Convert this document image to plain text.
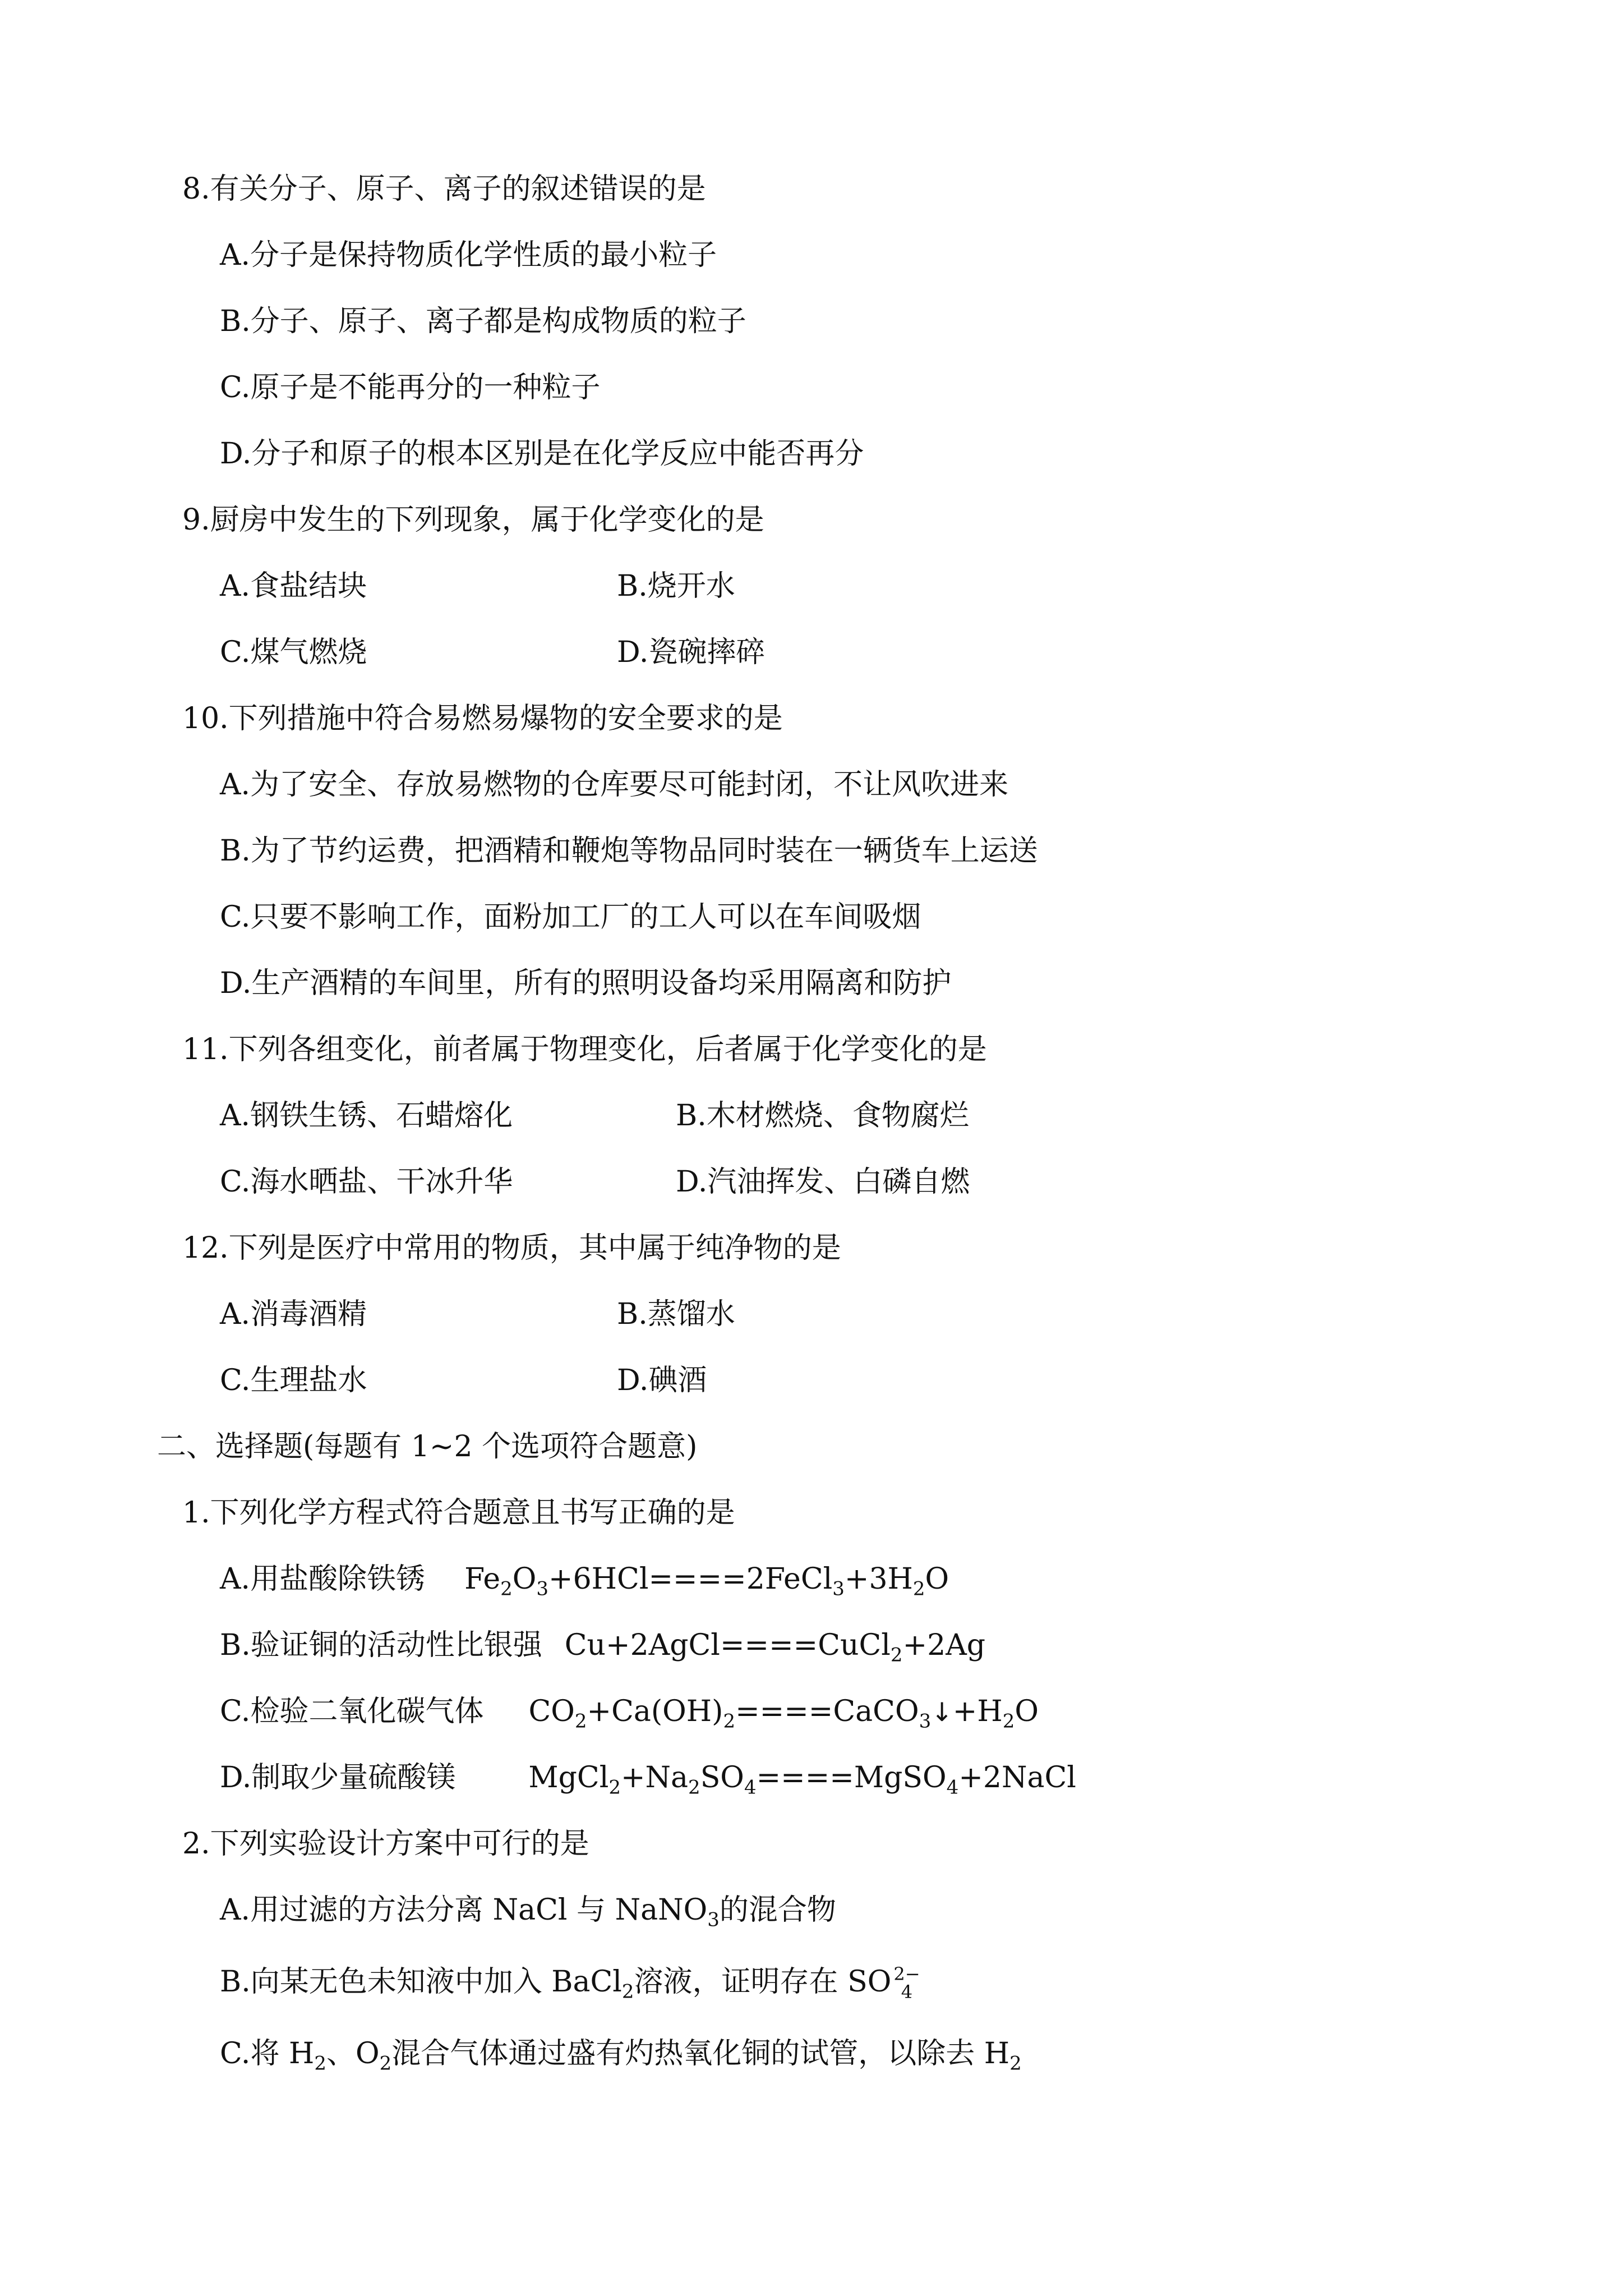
8.有关分子、原子、离子的叙述错误的是

A.分子是保持物质化学性质的最小粒子

B.分子、原子、离子都是构成物质的粒子

C.原子是不能再分的一种粒子

D.分子和原子的根本区别是在化学反应中能否再分

9.厨房中发生的下列现象，属于化学变化的是

A.食盐结块	B.烧开水

C.煤气燃烧	D.瓷碗摔碎

10.下列措施中符合易燃易爆物的安全要求的是

A.为了安全、存放易燃物的仓库要尽可能封闭，不让风吹进来

B.为了节约运费，把酒精和鞭炮等物品同时装在一辆货车上运送

C.只要不影响工作，面粉加工厂的工人可以在车间吸烟

D.生产酒精的车间里，所有的照明设备均采用隔离和防护

11.下列各组变化，前者属于物理变化，后者属于化学变化的是

A.钢铁生锈、石蜡熔化	B.木材燃烧、食物腐烂

C.海水晒盐、干冰升华	D.汽油挥发、白磷自燃

12.下列是医疗中常用的物质，其中属于纯净物的是

A.消毒酒精	B.蒸馏水

C.生理盐水	D.碘酒

二、选择题(每题有 1~2 个选项符合题意)

1.下列化学方程式符合题意且书写正确的是

A.用盐酸除铁锈 $Fe_2O_3+6HCl====2FeCl_3+3H_2O$

B.验证铜的活动性比银强 Cu+2AgCl====CuCl$_2$+2Ag

C.检验二氧化碳气体 $CO_2+Ca(OH)_2====CaCO_3↓+H_2O$

D.制取少量硫酸镁	$MgCl_2+Na_2SO_4====MgSO_4+2NaCl$

2.下列实验设计方案中可行的是

A.用过滤的方法分离 NaCl 与 NaNO$_3$的混合物

B.向某无色未知液中加入 BaCl$_2$溶液，证明存在 SO 2−
4

C.将 $H_2$、$O_2$混合气体通过盛有灼热氧化铜的试管，以除去 $H_2$
